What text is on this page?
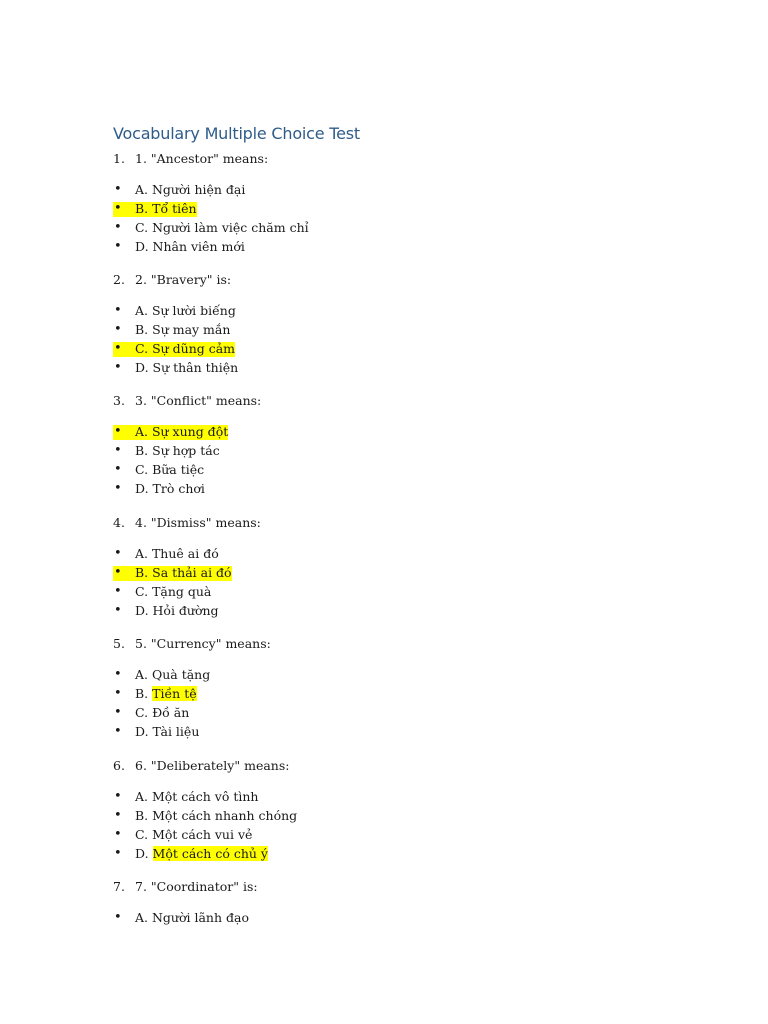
Vocabulary Multiple Choice Test
1. 1. "Ancestor" means:
• A. Người hiện đại
• B. Tổ tiên
• C. Người làm việc chăm chỉ
• D. Nhân viên mới
2. 2. "Bravery" is:
• A. Sự lười biếng
• B. Sự may mắn
• C. Sự dũng cảm
• D. Sự thân thiện
3. 3. "Conflict" means:
• A. Sự xung đột
• B. Sự hợp tác
• C. Bữa tiệc
• D. Trò chơi
4. 4. "Dismiss" means:
• A. Thuê ai đó
• B. Sa thải ai đó
• C. Tặng quà
• D. Hỏi đường
5. 5. "Currency" means:
• A. Quà tặng
• B. Tiền tệ
• C. Đồ ăn
• D. Tài liệu
6. 6. "Deliberately" means:
• A. Một cách vô tình
• B. Một cách nhanh chóng
• C. Một cách vui vẻ
• D. Một cách có chủ ý
7. 7. "Coordinator" is:
• A. Người lãnh đạo
